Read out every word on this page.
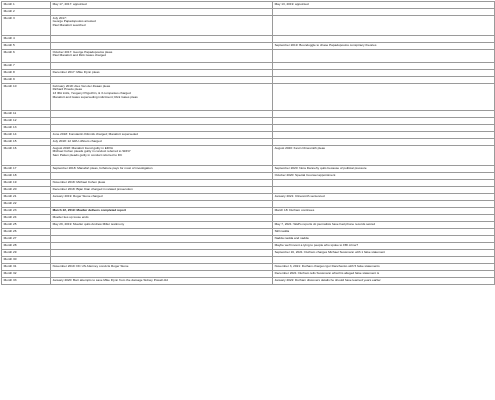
Month 1	May 17, 2017: appointed	May 13, 2019: appointed

Month 2		
Month 3	July 2017:
George Papadopoulos arrested
Paul Manafort searched	

Month 4		
Month 5		September 2019: Boondoggle to chase Papadopoulos conspiracy theories

Month 6	October 2017: George Papadopoulos pleas
Paul Manafort and Rick Gates charged	

Month 7		
Month 8	December 2017: Mike Flynn pleas	

Month 9		
Month 10	February 2018: Alex Van der Zwaan pleas
Richard Pinedo pleas
13 IRA trolls, Yevgeny Prigozhin, & 3 companies charged
Manafort and Gates superseding indictment; Rick Gates pleas	

Month 11		
Month 12		
Month 13		
Month 14	June 2018: Konstantin Kilimnik charged; Manafort superseded	

Month 15	July 2018: 12 GRU officers charged	

Month 16	August 2018: Manafort found guilty in EDVA
Michael Cohen pleads guilty in conduct referred to SDNY
Sam Patten pleads guilty in conduct referred to DC	August 2020: Kevin Clinesmith pleas

Month 17	September 2018: Manafort pleas, forfeiture pays for most of investigation	September 2020: Nora Dannehy quits because of political pressure

Month 18		October 2020: Special Counsel appointment

Month 19	November 2018: Michael Cohen pleas	

Month 20	December 2018: Bijan Kian charged in related prosecution	

Month 21	January 2019: Roger Stone charged	January 2021: Clinesmith sentenced

Month 22		
Month 23	March 22, 2019: Mueller delivers completed report	March 18: Durham continues

Month 24	Mueller ties up loose ends	

Month 25	May 29, 2019: Mueller quits Andrew Miller testimony	May 7, 2021: WaPo reports dc journalists have had phone records seized

Month 26		Still nadda

Month 27		Nadda nadda and nadda

Month 28		Maybe we'll invent a lying to people who spoke to FBI crime?

Month 29		September 16, 2021: Durham charges Michael Sussmann with 1 false statement

Month 30		
Month 31	November 2019: DC US Attorney convicts Roger Stone	November 3, 2021: Durham charges Igor Danchenko with 5 false statements

Month 32		December 2021: Durham tells Sussmann what his alleged false statement is

Month 33	January 2020: Barr attempts to save Mike Flynn from the damage Sidney Powell did	January 2022: Durham discovers details he should have learned years earlier
